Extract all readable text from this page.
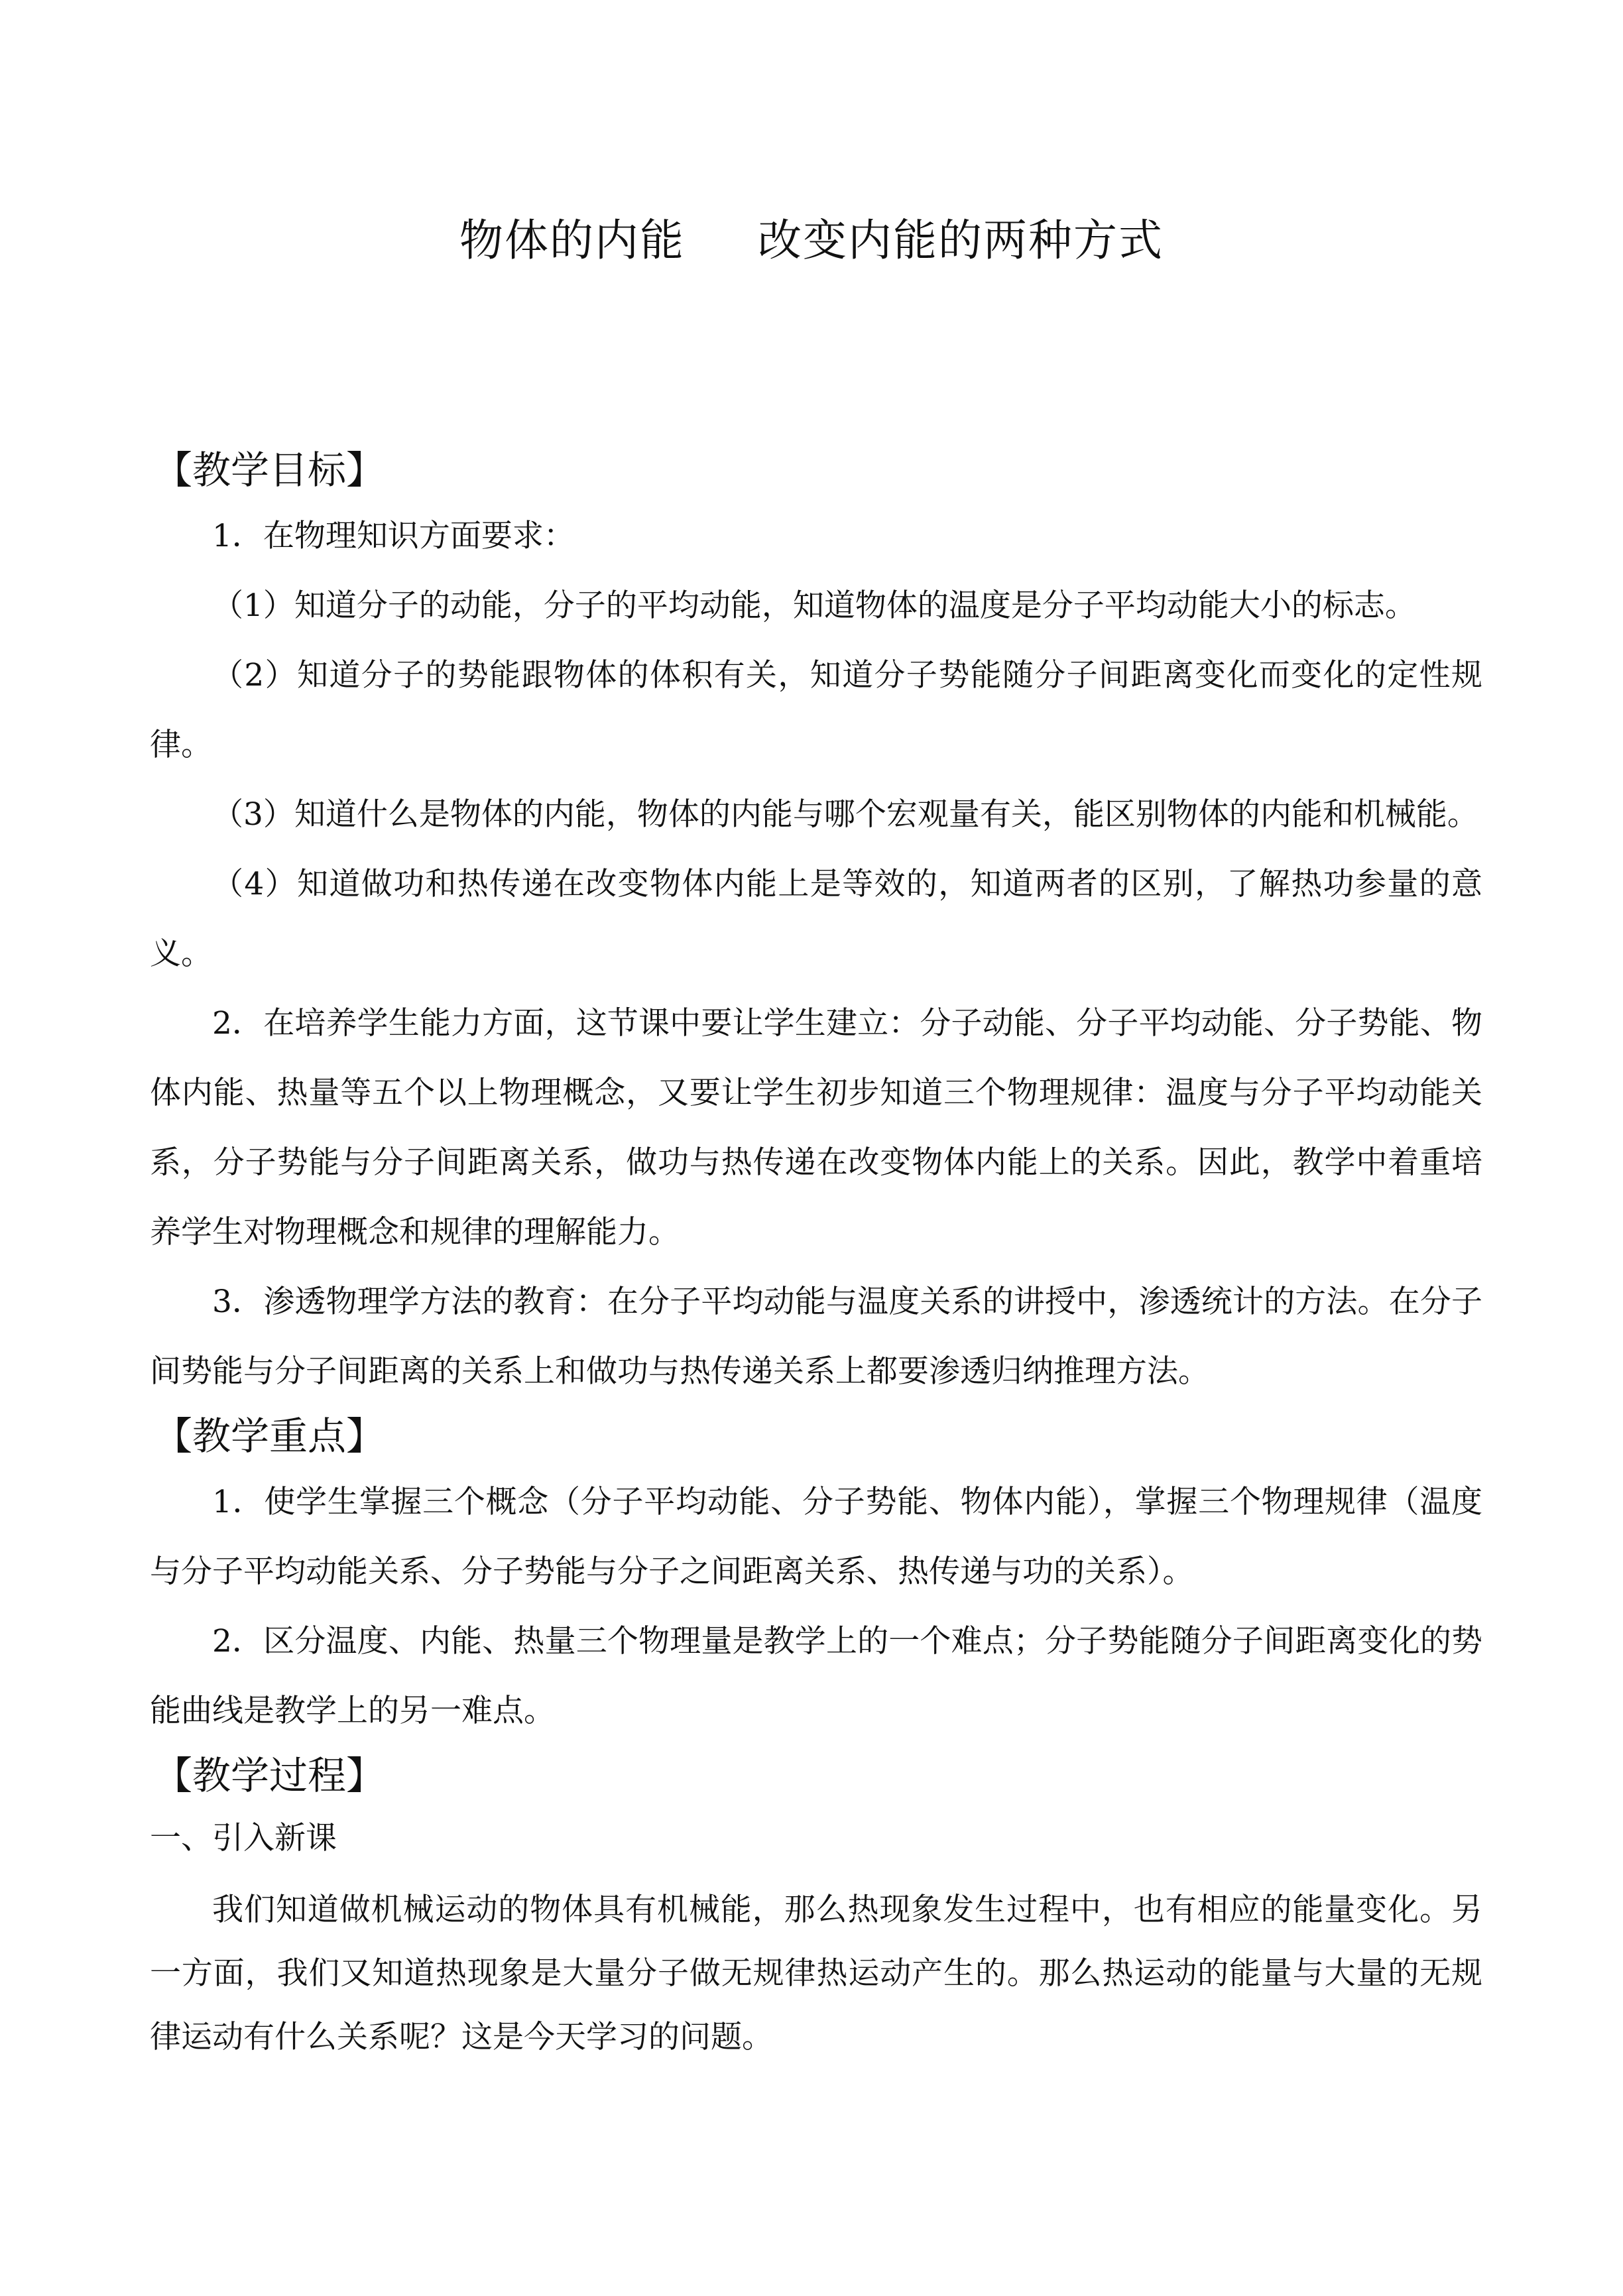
物体的内能 改变内能的两种方式
【教学目标】

1．在物理知识方面要求：

（1）知道分子的动能，分子的平均动能，知道物体的温度是分子平均动能大小的标志。

（2）知道分子的势能跟物体的体积有关，知道分子势能随分子间距离变化而变化的定性规律。

（3）知道什么是物体的内能，物体的内能与哪个宏观量有关，能区别物体的内能和机械能。

（4）知道做功和热传递在改变物体内能上是等效的，知道两者的区别，了解热功参量的意义。

2．在培养学生能力方面，这节课中要让学生建立：分子动能、分子平均动能、分子势能、物体内能、热量等五个以上物理概念，又要让学生初步知道三个物理规律：温度与分子平均动能关系，分子势能与分子间距离关系，做功与热传递在改变物体内能上的关系。因此，教学中着重培养学生对物理概念和规律的理解能力。

3．渗透物理学方法的教育：在分子平均动能与温度关系的讲授中，渗透统计的方法。在分子间势能与分子间距离的关系上和做功与热传递关系上都要渗透归纳推理方法。

【教学重点】

1．使学生掌握三个概念（分子平均动能、分子势能、物体内能），掌握三个物理规律（温度与分子平均动能关系、分子势能与分子之间距离关系、热传递与功的关系）。

2．区分温度、内能、热量三个物理量是教学上的一个难点；分子势能随分子间距离变化的势能曲线是教学上的另一难点。

【教学过程】

一、引入新课

我们知道做机械运动的物体具有机械能，那么热现象发生过程中，也有相应的能量变化。另一方面，我们又知道热现象是大量分子做无规律热运动产生的。那么热运动的能量与大量的无规律运动有什么关系呢？这是今天学习的问题。
